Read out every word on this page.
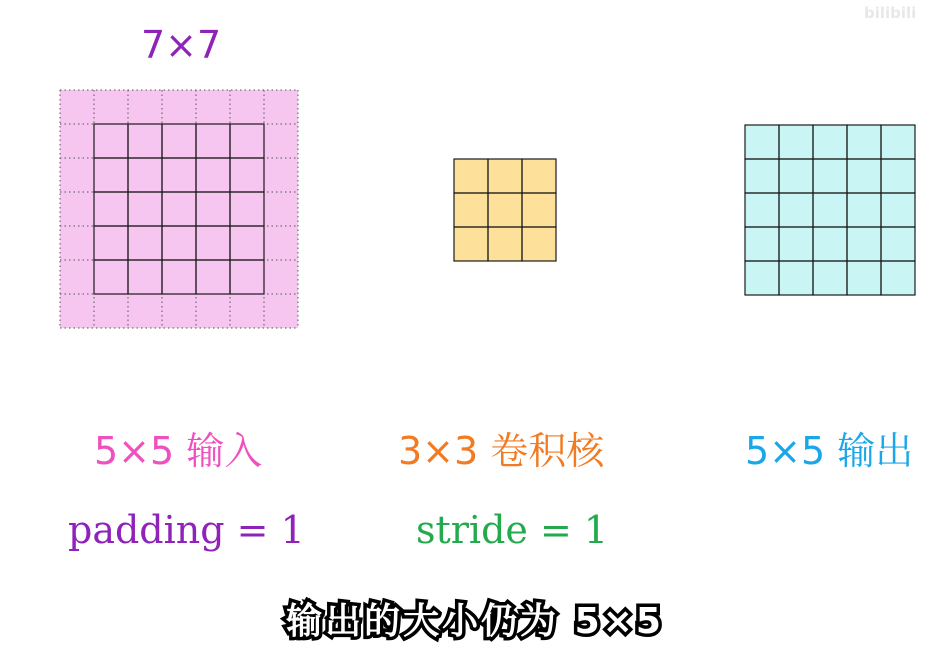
7×7
5×5 输入	3×3 卷积核	5×5 输出
padding = 1	stride = 1
输出的大小仍为 5×5
bilibili
